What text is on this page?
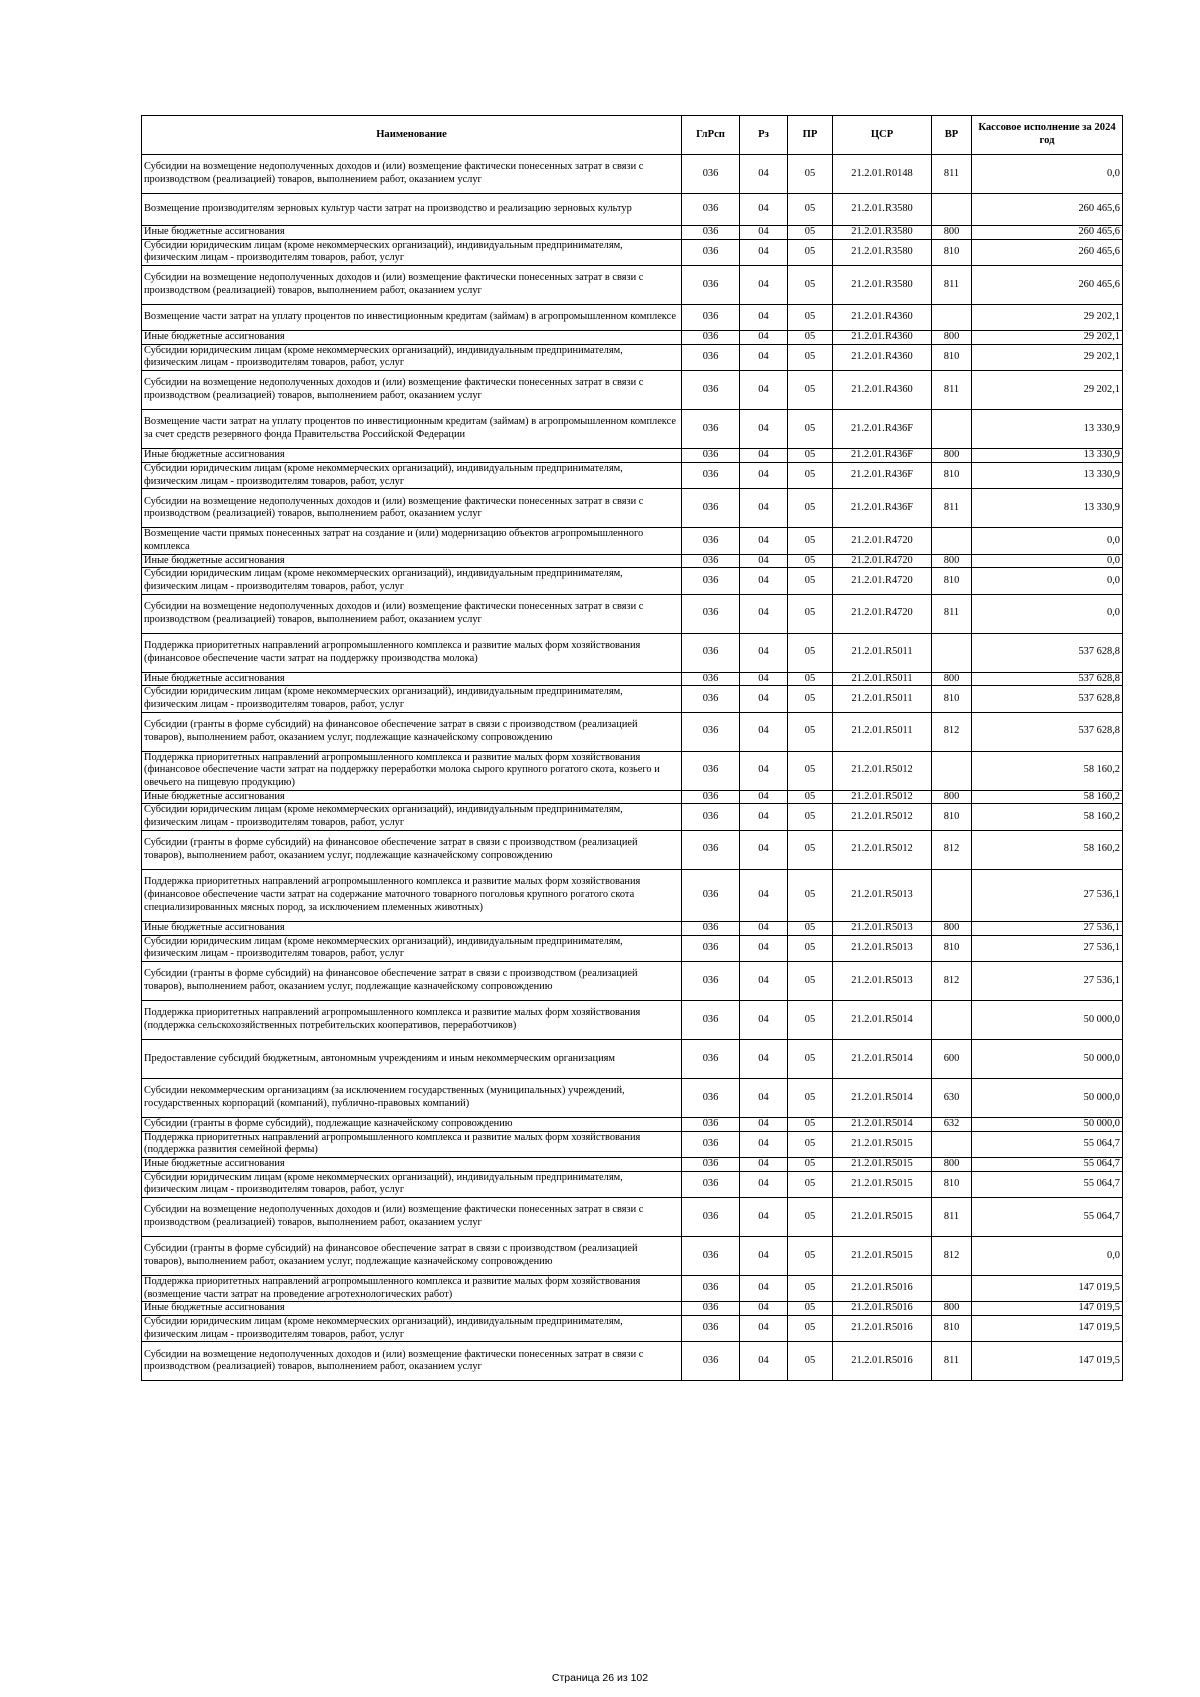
Наименование	ГлРсп	Рз	ПР	ЦСР	ВР	Кассовое исполнение за 2024 год
Субсидии на возмещение недополученных доходов и (или) возмещение фактически понесенных затрат в связи с производством (реализацией) товаров, выполнением работ, оказанием услуг	036	04	05	21.2.01.R0148	811	0,0
Возмещение производителям зерновых культур части затрат на производство и реализацию зерновых культур	036	04	05	21.2.01.R3580		260 465,6
Иные бюджетные ассигнования	036	04	05	21.2.01.R3580	800	260 465,6
Субсидии юридическим лицам (кроме некоммерческих организаций), индивидуальным предпринимателям, физическим лицам - производителям товаров, работ, услуг	036	04	05	21.2.01.R3580	810	260 465,6
Субсидии на возмещение недополученных доходов и (или) возмещение фактически понесенных затрат в связи с производством (реализацией) товаров, выполнением работ, оказанием услуг	036	04	05	21.2.01.R3580	811	260 465,6
Возмещение части затрат на уплату процентов по инвестиционным кредитам (займам) в агропромышленном комплексе	036	04	05	21.2.01.R4360		29 202,1
Иные бюджетные ассигнования	036	04	05	21.2.01.R4360	800	29 202,1
Субсидии юридическим лицам (кроме некоммерческих организаций), индивидуальным предпринимателям, физическим лицам - производителям товаров, работ, услуг	036	04	05	21.2.01.R4360	810	29 202,1
Субсидии на возмещение недополученных доходов и (или) возмещение фактически понесенных затрат в связи с производством (реализацией) товаров, выполнением работ, оказанием услуг	036	04	05	21.2.01.R4360	811	29 202,1
Возмещение части затрат на уплату процентов по инвестиционным кредитам (займам) в агропромышленном комплексе за счет средств резервного фонда Правительства Российской Федерации	036	04	05	21.2.01.R436F		13 330,9
Иные бюджетные ассигнования	036	04	05	21.2.01.R436F	800	13 330,9
Субсидии юридическим лицам (кроме некоммерческих организаций), индивидуальным предпринимателям, физическим лицам - производителям товаров, работ, услуг	036	04	05	21.2.01.R436F	810	13 330,9
Субсидии на возмещение недополученных доходов и (или) возмещение фактически понесенных затрат в связи с производством (реализацией) товаров, выполнением работ, оказанием услуг	036	04	05	21.2.01.R436F	811	13 330,9
Возмещение части прямых понесенных затрат на создание и (или) модернизацию объектов агропромышленного комплекса	036	04	05	21.2.01.R4720		0,0
Иные бюджетные ассигнования	036	04	05	21.2.01.R4720	800	0,0
Субсидии юридическим лицам (кроме некоммерческих организаций), индивидуальным предпринимателям, физическим лицам - производителям товаров, работ, услуг	036	04	05	21.2.01.R4720	810	0,0
Субсидии на возмещение недополученных доходов и (или) возмещение фактически понесенных затрат в связи с производством (реализацией) товаров, выполнением работ, оказанием услуг	036	04	05	21.2.01.R4720	811	0,0
Поддержка приоритетных направлений агропромышленного комплекса и развитие малых форм хозяйствования (финансовое обеспечение части затрат на поддержку производства молока)	036	04	05	21.2.01.R5011		537 628,8
Иные бюджетные ассигнования	036	04	05	21.2.01.R5011	800	537 628,8
Субсидии юридическим лицам (кроме некоммерческих организаций), индивидуальным предпринимателям, физическим лицам - производителям товаров, работ, услуг	036	04	05	21.2.01.R5011	810	537 628,8
Субсидии (гранты в форме субсидий) на финансовое обеспечение затрат в связи с производством (реализацией товаров), выполнением работ, оказанием услуг, подлежащие казначейскому сопровождению	036	04	05	21.2.01.R5011	812	537 628,8
Поддержка приоритетных направлений агропромышленного комплекса и развитие малых форм хозяйствования (финансовое обеспечение части затрат на поддержку переработки молока сырого крупного рогатого скота, козьего и овечьего на пищевую продукцию)	036	04	05	21.2.01.R5012		58 160,2
Иные бюджетные ассигнования	036	04	05	21.2.01.R5012	800	58 160,2
Субсидии юридическим лицам (кроме некоммерческих организаций), индивидуальным предпринимателям, физическим лицам - производителям товаров, работ, услуг	036	04	05	21.2.01.R5012	810	58 160,2
Субсидии (гранты в форме субсидий) на финансовое обеспечение затрат в связи с производством (реализацией товаров), выполнением работ, оказанием услуг, подлежащие казначейскому сопровождению	036	04	05	21.2.01.R5012	812	58 160,2
Поддержка приоритетных направлений агропромышленного комплекса и развитие малых форм хозяйствования (финансовое обеспечение части затрат на содержание маточного товарного поголовья крупного рогатого скота специализированных мясных пород, за исключением племенных животных)	036	04	05	21.2.01.R5013		27 536,1
Иные бюджетные ассигнования	036	04	05	21.2.01.R5013	800	27 536,1
Субсидии юридическим лицам (кроме некоммерческих организаций), индивидуальным предпринимателям, физическим лицам - производителям товаров, работ, услуг	036	04	05	21.2.01.R5013	810	27 536,1
Субсидии (гранты в форме субсидий) на финансовое обеспечение затрат в связи с производством (реализацией товаров), выполнением работ, оказанием услуг, подлежащие казначейскому сопровождению	036	04	05	21.2.01.R5013	812	27 536,1
Поддержка приоритетных направлений агропромышленного комплекса и развитие малых форм хозяйствования (поддержка сельскохозяйственных потребительских кооперативов, переработчиков)	036	04	05	21.2.01.R5014		50 000,0
Предоставление субсидий бюджетным, автономным учреждениям и иным некоммерческим организациям	036	04	05	21.2.01.R5014	600	50 000,0
Субсидии некоммерческим организациям (за исключением государственных (муниципальных) учреждений, государственных корпораций (компаний), публично-правовых компаний)	036	04	05	21.2.01.R5014	630	50 000,0
Субсидии (гранты в форме субсидий), подлежащие казначейскому сопровождению	036	04	05	21.2.01.R5014	632	50 000,0
Поддержка приоритетных направлений агропромышленного комплекса и развитие малых форм хозяйствования (поддержка развития семейной фермы)	036	04	05	21.2.01.R5015		55 064,7
Иные бюджетные ассигнования	036	04	05	21.2.01.R5015	800	55 064,7
Субсидии юридическим лицам (кроме некоммерческих организаций), индивидуальным предпринимателям, физическим лицам - производителям товаров, работ, услуг	036	04	05	21.2.01.R5015	810	55 064,7
Субсидии на возмещение недополученных доходов и (или) возмещение фактически понесенных затрат в связи с производством (реализацией) товаров, выполнением работ, оказанием услуг	036	04	05	21.2.01.R5015	811	55 064,7
Субсидии (гранты в форме субсидий) на финансовое обеспечение затрат в связи с производством (реализацией товаров), выполнением работ, оказанием услуг, подлежащие казначейскому сопровождению	036	04	05	21.2.01.R5015	812	0,0
Поддержка приоритетных направлений агропромышленного комплекса и развитие малых форм хозяйствования (возмещение части затрат на проведение агротехнологических работ)	036	04	05	21.2.01.R5016		147 019,5
Иные бюджетные ассигнования	036	04	05	21.2.01.R5016	800	147 019,5
Субсидии юридическим лицам (кроме некоммерческих организаций), индивидуальным предпринимателям, физическим лицам - производителям товаров, работ, услуг	036	04	05	21.2.01.R5016	810	147 019,5
Субсидии на возмещение недополученных доходов и (или) возмещение фактически понесенных затрат в связи с производством (реализацией) товаров, выполнением работ, оказанием услуг	036	04	05	21.2.01.R5016	811	147 019,5
Страница 26 из 102
